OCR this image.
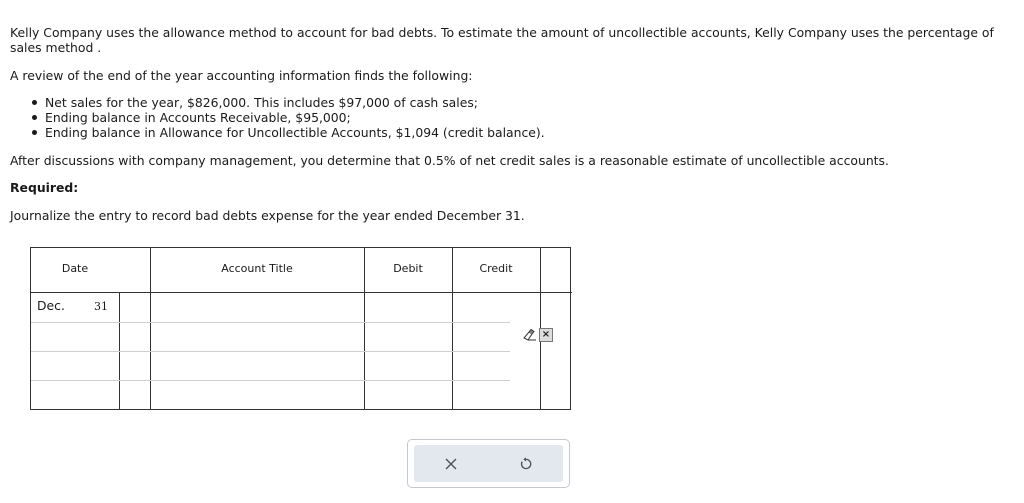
Kelly Company uses the allowance method to account for bad debts. To estimate the amount of uncollectible accounts, Kelly Company uses the percentage of sales method .

A review of the end of the year accounting information finds the following:

Net sales for the year, $826,000. This includes $97,000 of cash sales;
Ending balance in Accounts Receivable, $95,000;
Ending balance in Allowance for Uncollectible Accounts, $1,094 (credit balance).

After discussions with company management, you determine that 0.5% of net credit sales is a reasonable estimate of uncollectible accounts.

Required:

Journalize the entry to record bad debts expense for the year ended December 31.

Date	Account Title	Debit	Credit
Dec.	31
×
